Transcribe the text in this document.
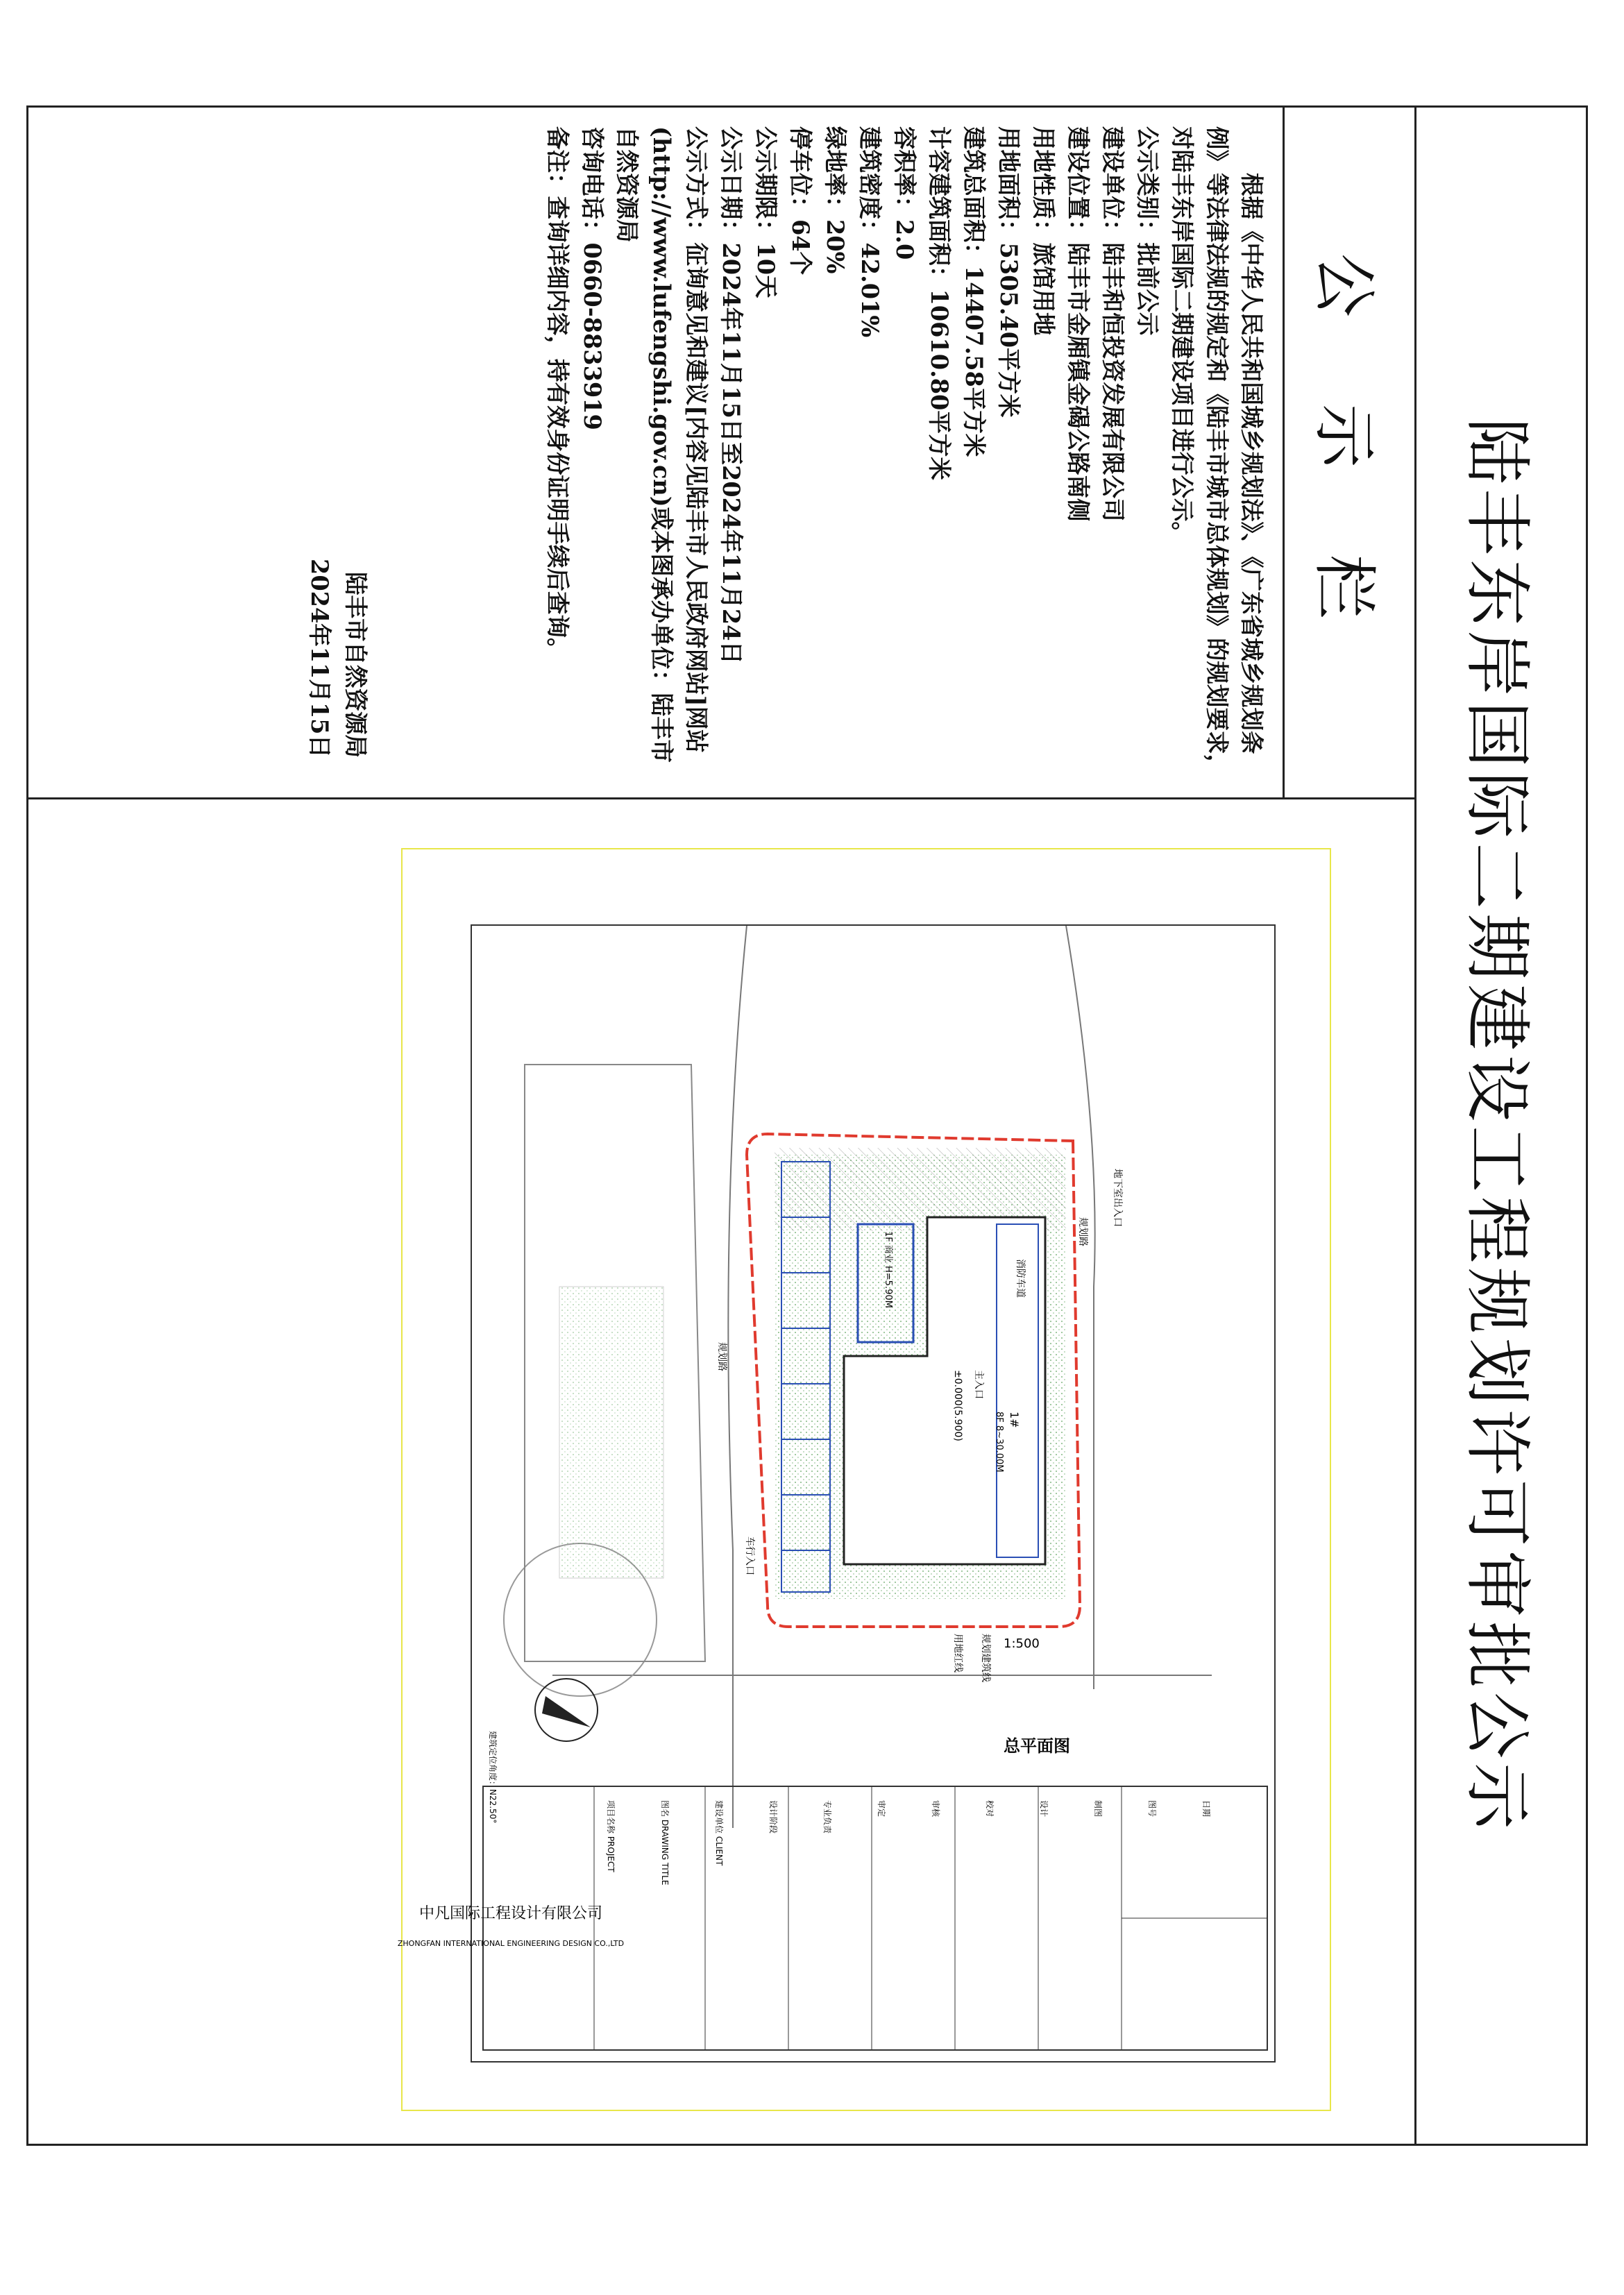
陆丰东岸国际二期建设工程规划许可审批公示
公 示 栏

根据《中华人民共和国城乡规划法》、《广东省城乡规划条例》等法律法规的规定和《陆丰市城市总体规划》的规划要求，对陆丰东岸国际二期建设项目进行公示。

公示类别：批前公示

建设单位：陆丰和恒投资发展有限公司

建设位置：陆丰市金厢镇金碣公路南侧

用地性质：旅馆用地

用地面积：5305.40平方米

建筑总面积：14407.58平方米

计容建筑面积：10610.80平方米

容积率：2.0

建筑密度：42.01%

绿地率：20%

停车位：64个

公示期限：10天

公示日期：2024年11月15日至2024年11月24日

公示方式：征询意见和建议[内容见陆丰市人民政府网站]网站(http://www.lufengshi.gov.cn)或本图承办单位：陆丰市自然资源局

咨询电话：0660-8833919

备注：查询详细内容，持有效身份证明手续后查询。

陆丰市自然资源局
2024年11月15日
中凡国际工程设计有限公司
ZHONGFAN INTERNATIONAL ENGINEERING DESIGN CO.,LTD
主入口
±0.000(5.900)	1#
8F 8~30.00M
1F 商业 H=5.90M	消防车道
地下室出入口
规划建筑线
用地红线
车行入口
规划路
规划路
建筑定位角度：N22.50°	总平面图
1:500
项目名称 PROJECT	图名 DRAWING TITLE	建设单位 CLIENT	设计阶段	专业负责	审定	审核	校对	设计	制图	图号	日期
